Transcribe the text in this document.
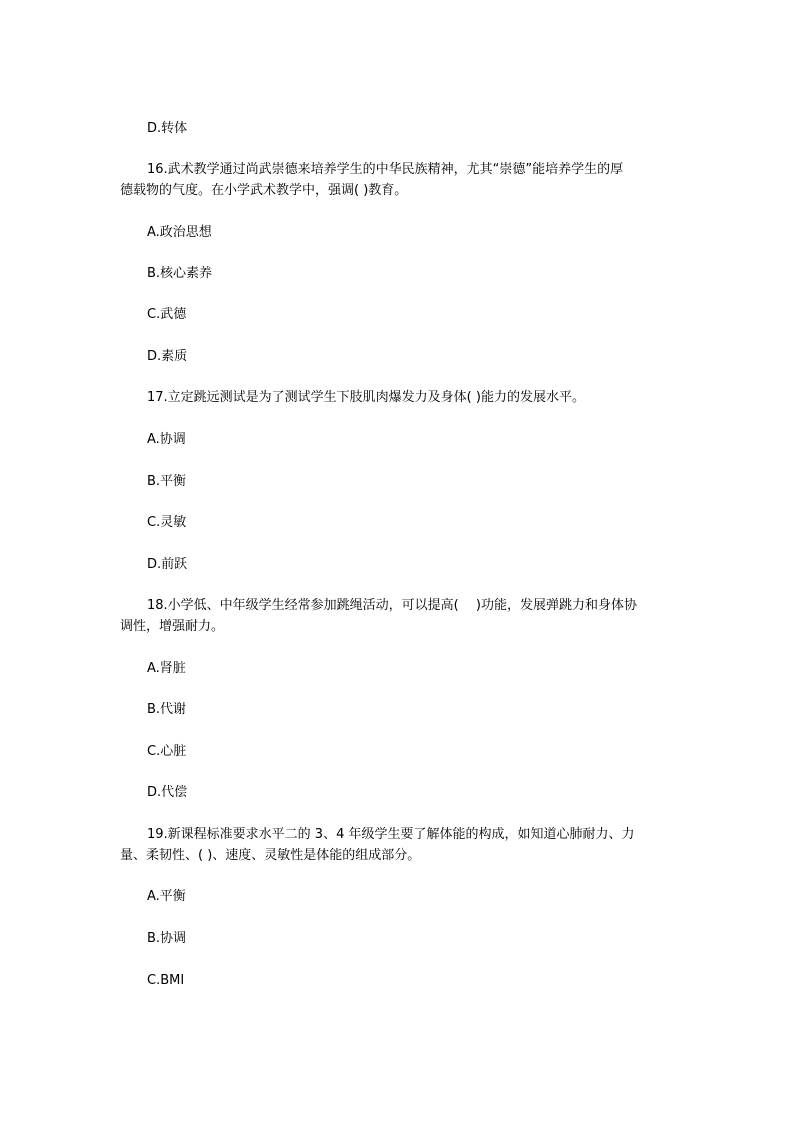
D.转体
16.武术教学通过尚武崇德来培养学生的中华民族精神，尤其“崇德”能培养学生的厚
德载物的气度。在小学武术教学中，强调( )教育。
A.政治思想
B.核心素养
C.武德
D.素质
17.立定跳远测试是为了测试学生下肢肌肉爆发力及身体( )能力的发展水平。
A.协调
B.平衡
C.灵敏
D.前跃
18.小学低、中年级学生经常参加跳绳活动，可以提高(　 )功能，发展弹跳力和身体协
调性，增强耐力。
A.肾脏
B.代谢
C.心脏
D.代偿
19.新课程标准要求水平二的 3、4 年级学生要了解体能的构成，如知道心肺耐力、力
量、柔韧性、( )、速度、灵敏性是体能的组成部分。
A.平衡
B.协调
C.BMI
